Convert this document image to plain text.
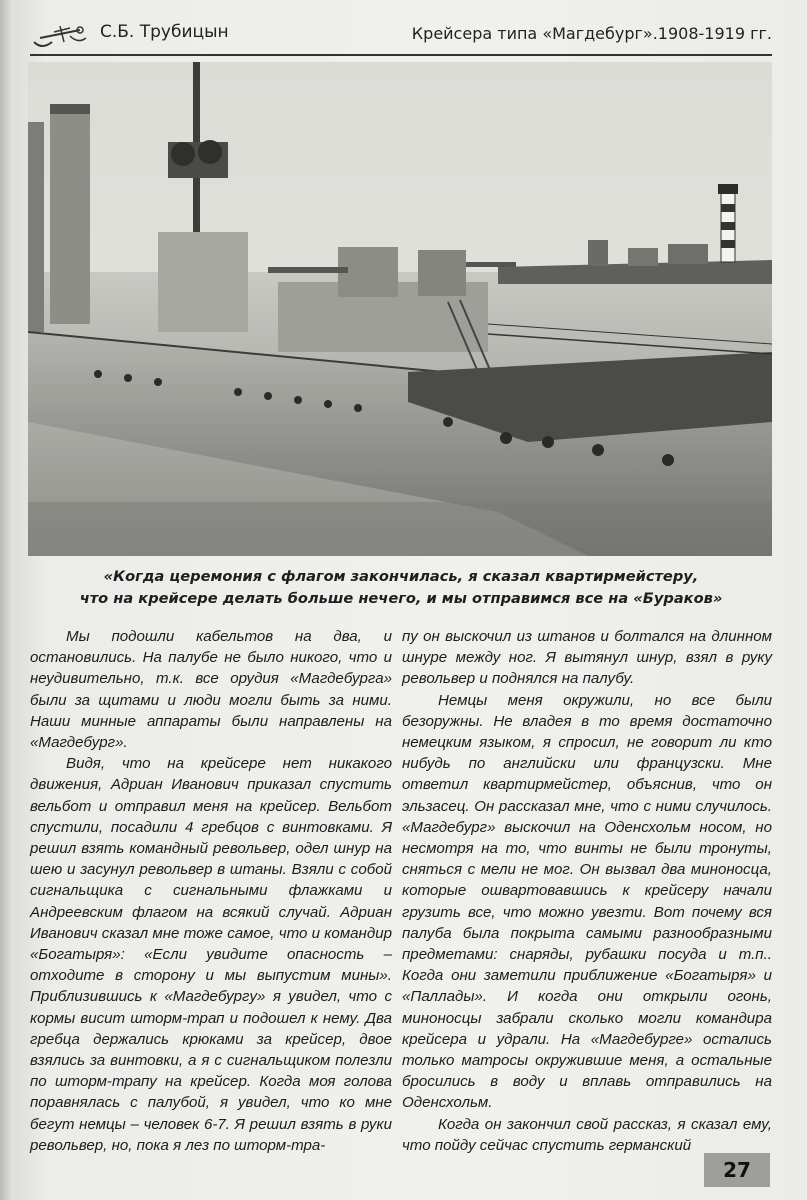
С.Б. Трубицын	Крейсера типа «Магдебург».1908-1919 гг.
«Когда церемония с флагом закончилась, я сказал квартирмейстеру,
что на крейсере делать больше нечего, и мы отправимся все на «Бураков»

Мы подошли кабельтов на два, и остановились. На палубе не было никого, что и неудивительно, т.к. все орудия «Магдебурга» были за щитами и люди могли быть за ними. Наши минные аппараты были направлены на «Магдебург».

Видя, что на крейсере нет никакого движения, Адриан Иванович приказал спустить вельбот и отправил меня на крейсер. Вельбот спустили, посадили 4 гребцов с винтовками. Я решил взять командный револьвер, одел шнур на шею и засунул револьвер в штаны. Взяли с собой сигнальщика с сигнальными флажками и Андреевским флагом на всякий случай. Адриан Иванович сказал мне тоже самое, что и командир «Богатыря»: «Если увидите опасность – отходите в сторону и мы выпустим мины». Приблизившись к «Магдебургу» я увидел, что с кормы висит шторм-трап и подошел к нему. Два гребца держались крюками за крейсер, двое взялись за винтовки, а я с сигнальщиком полезли по шторм-трапу на крейсер. Когда моя голова поравнялась с палубой, я увидел, что ко мне бегут немцы – человек 6-7. Я решил взять в руки револьвер, но, пока я лез по шторм-тра-

пу он выскочил из штанов и болтался на длинном шнуре между ног. Я вытянул шнур, взял в руку револьвер и поднялся на палубу.

Немцы меня окружили, но все были безоружны. Не владея в то время достаточно немецким языком, я спросил, не говорит ли кто нибудь по английски или французски. Мне ответил квартирмейстер, объяснив, что он эльзасец. Он рассказал мне, что с ними случилось. «Магдебург» выскочил на Оденсхольм носом, но несмотря на то, что винты не были тронуты, сняться с мели не мог. Он вызвал два миноносца, которые ошвартовавшись к крейсеру начали грузить все, что можно увезти. Вот почему вся палуба была покрыта самыми разнообразными предметами: снаряды, рубашки посуда и т.п.. Когда они заметили приближение «Богатыря» и «Паллады». И когда они открыли огонь, миноносцы забрали сколько могли командира крейсера и удрали. На «Магдебурге» остались только матросы окружившие меня, а остальные бросились в воду и вплавь отправились на Оденсхольм.

Когда он закончил свой рассказ, я сказал ему, что пойду сейчас спустить германский

27
